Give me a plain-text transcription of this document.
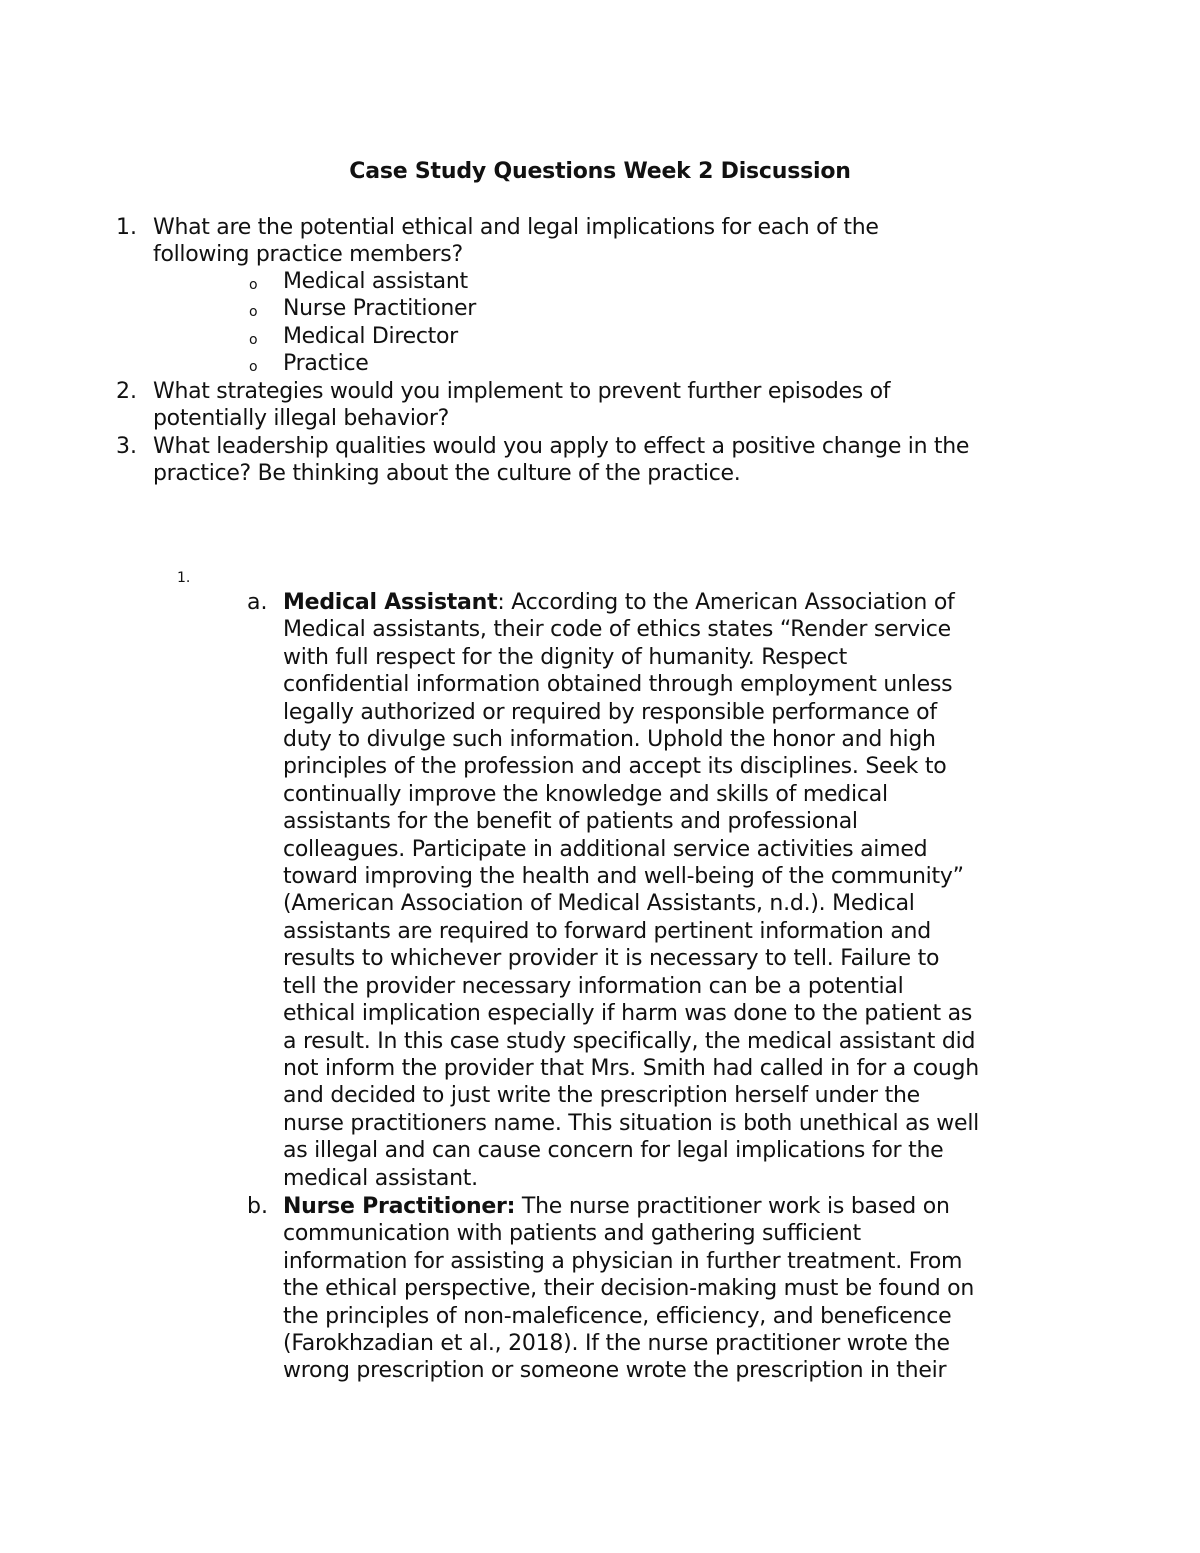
Case Study Questions Week 2 Discussion
1. What are the potential ethical and legal implications for each of the
following practice members?
o Medical assistant
o Nurse Practitioner
o Medical Director
o Practice
2. What strategies would you implement to prevent further episodes of
potentially illegal behavior?
3. What leadership qualities would you apply to effect a positive change in the
practice? Be thinking about the culture of the practice.
1.
a. Medical Assistant: According to the American Association of
Medical assistants, their code of ethics states “Render service
with full respect for the dignity of humanity. Respect
confidential information obtained through employment unless
legally authorized or required by responsible performance of
duty to divulge such information. Uphold the honor and high
principles of the profession and accept its disciplines. Seek to
continually improve the knowledge and skills of medical
assistants for the benefit of patients and professional
colleagues. Participate in additional service activities aimed
toward improving the health and well-being of the community”
(American Association of Medical Assistants, n.d.). Medical
assistants are required to forward pertinent information and
results to whichever provider it is necessary to tell. Failure to
tell the provider necessary information can be a potential
ethical implication especially if harm was done to the patient as
a result. In this case study specifically, the medical assistant did
not inform the provider that Mrs. Smith had called in for a cough
and decided to just write the prescription herself under the
nurse practitioners name. This situation is both unethical as well
as illegal and can cause concern for legal implications for the
medical assistant.
b. Nurse Practitioner: The nurse practitioner work is based on
communication with patients and gathering sufficient
information for assisting a physician in further treatment. From
the ethical perspective, their decision-making must be found on
the principles of non-maleficence, efficiency, and beneficence
(Farokhzadian et al., 2018). If the nurse practitioner wrote the
wrong prescription or someone wrote the prescription in their
